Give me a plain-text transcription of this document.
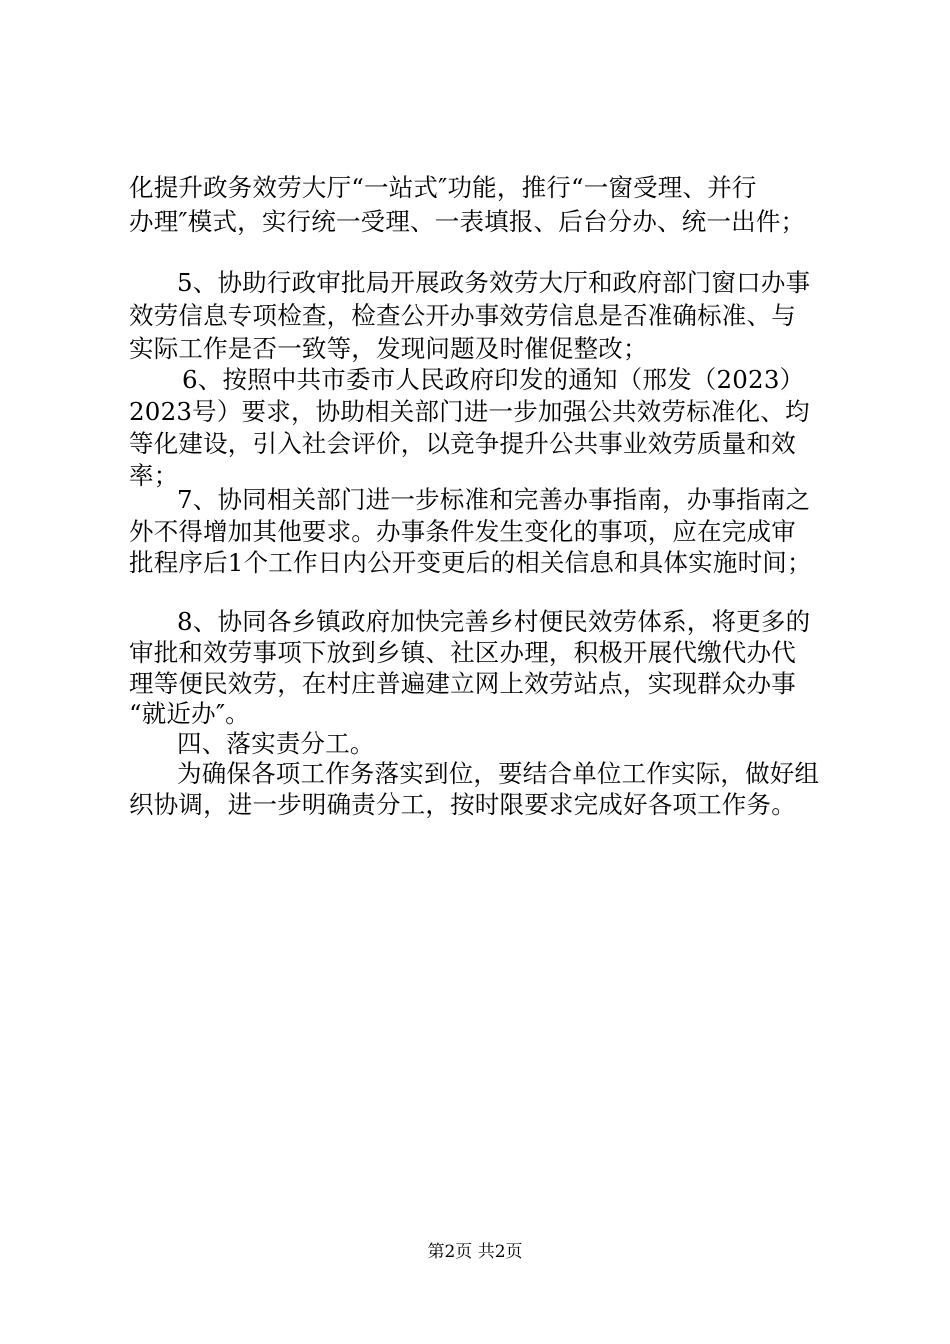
化提升政务效劳大厅“一站式″功能，推行“一窗受理、并行
办理″模式，实行统一受理、一表填报、后台分办、统一出件；
5、协助行政审批局开展政务效劳大厅和政府部门窗口办事
效劳信息专项检查，检查公开办事效劳信息是否准确标准、与
实际工作是否一致等，发现问题及时催促整改；
6、按照中共市委市人民政府印发的通知（邢发（2023）
2023号）要求，协助相关部门进一步加强公共效劳标准化、均
等化建设，引入社会评价，以竞争提升公共事业效劳质量和效
率；
7、协同相关部门进一步标准和完善办事指南，办事指南之
外不得增加其他要求。办事条件发生变化的事项，应在完成审
批程序后1个工作日内公开变更后的相关信息和具体实施时间；
8、协同各乡镇政府加快完善乡村便民效劳体系，将更多的
审批和效劳事项下放到乡镇、社区办理，积极开展代缴代办代
理等便民效劳，在村庄普遍建立网上效劳站点，实现群众办事
“就近办″。
四、落实责分工。
为确保各项工作务落实到位，要结合单位工作实际，做好组
织协调，进一步明确责分工，按时限要求完成好各项工作务。
第2页 共2页
